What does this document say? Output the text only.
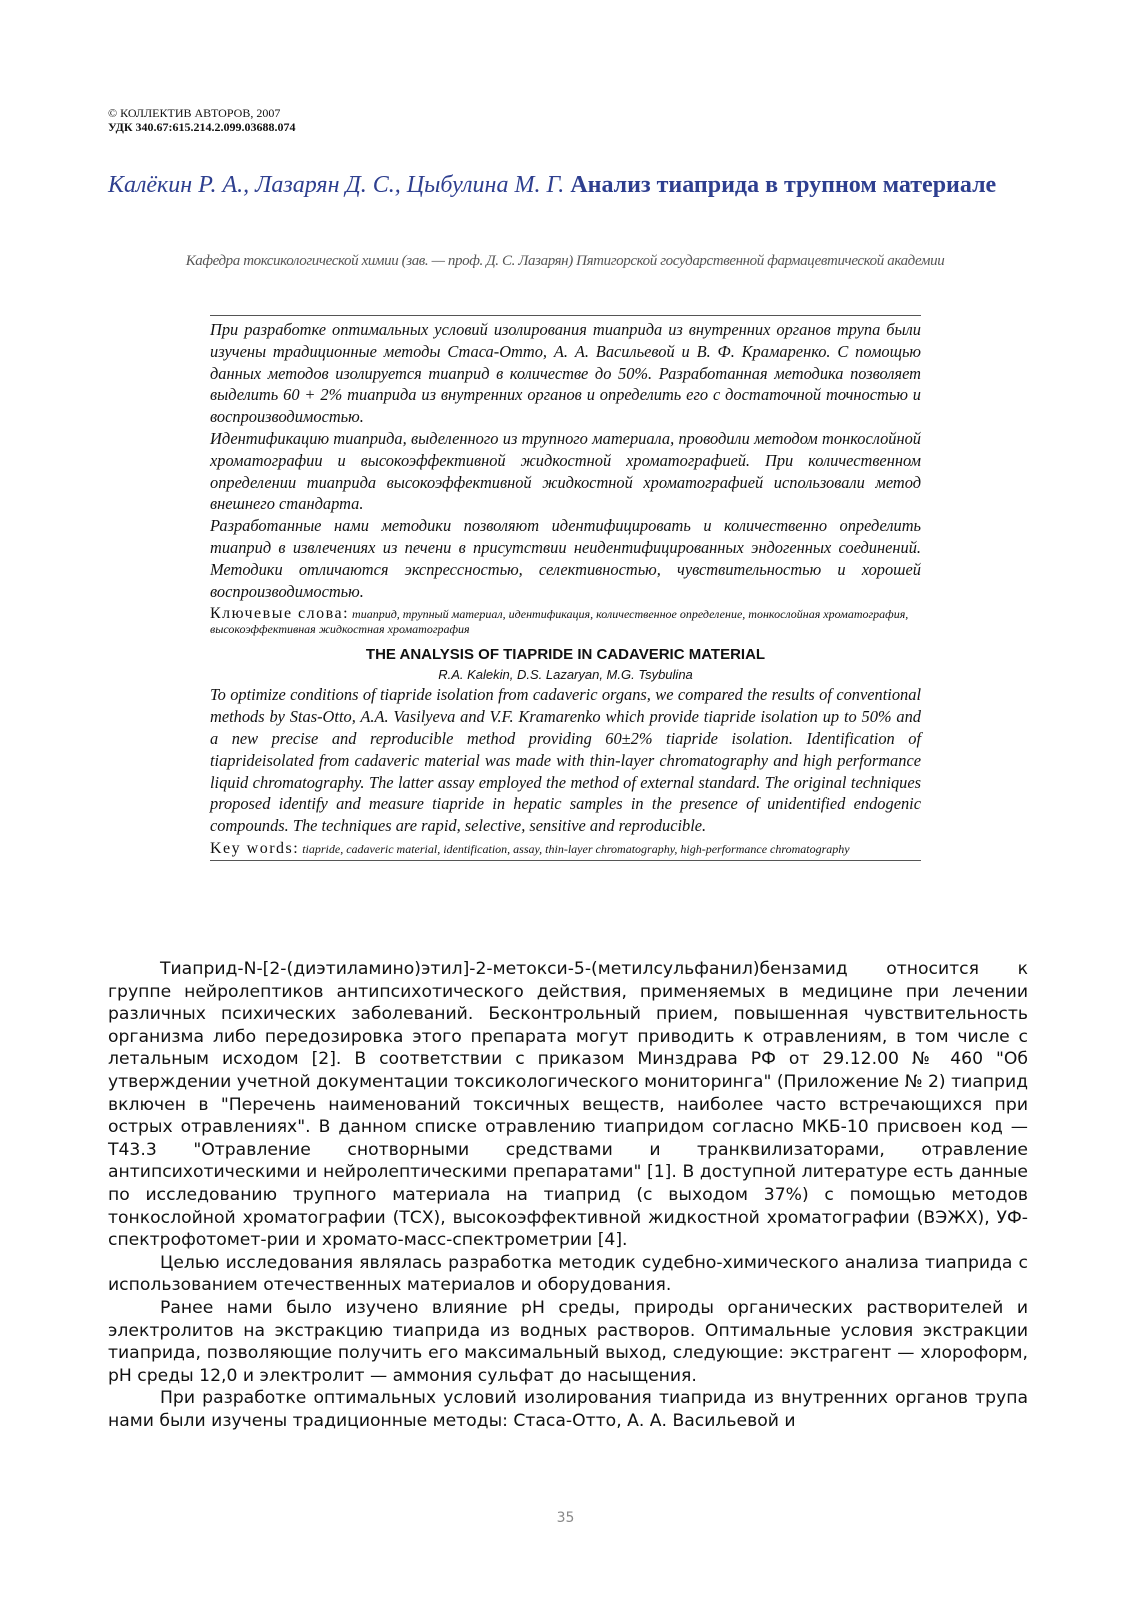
© КОЛЛЕКТИВ АВТОРОВ, 2007
УДК 340.67:615.214.2.099.03688.074
Калёкин Р. А., Лазарян Д. С., Цыбулина М. Г. Анализ тиаприда в трупном материале
Кафедра токсикологической химии (зав. — проф. Д. С. Лазарян) Пятигорской государственной фармацевтической академии

При разработке оптимальных условий изолирования тиаприда из внутренних органов трупа были изучены традиционные методы Стаса-Отто, А. А. Васильевой и В. Ф. Крамаренко. С помощью данных методов изолируется тиаприд в количестве до 50%. Разработанная методика позволяет выделить 60 + 2% тиаприда из внутренних органов и определить его с достаточной точностью и воспроизводимостью.

Идентификацию тиаприда, выделенного из трупного материала, проводили методом тонкослойной хроматографии и высокоэффективной жидкостной хроматографией. При количественном определении тиаприда высокоэффективной жидкостной хроматографией использовали метод внешнего стандарта.

Разработанные нами методики позволяют идентифицировать и количественно определить тиаприд в извлечениях из печени в присутствии неидентифицированных эндогенных соединений. Методики отличаются экспрессностью, селективностью, чувствительностью и хорошей воспроизводимостью.

Ключевые слова: тиаприд, трупный материал, идентификация, количественное определение, тонкослойная хроматография, высокоэффективная жидкостная хроматография

THE ANALYSIS OF TIAPRIDE IN CADAVERIC MATERIAL

R.A. Kalekin, D.S. Lazaryan, M.G. Tsybulina

To optimize conditions of tiapride isolation from cadaveric organs, we compared the results of conventional methods by Stas-Otto, A.A. Vasilyeva and V.F. Kramarenko which provide tiapride isolation up to 50% and a new precise and reproducible method providing 60±2% tiapride isolation. Identification of tiaprideisolated from cadaveric material was made with thin-layer chromatography and high performance liquid chromatography. The latter assay employed the method of external standard. The original techniques proposed identify and measure tiapride in hepatic samples in the presence of unidentified endogenic compounds. The techniques are rapid, selective, sensitive and reproducible.

Key words: tiapride, cadaveric material, identification, assay, thin-layer chromatography, high-performance chromatography

Тиаприд-N-[2-(диэтиламино)этил]-2-метокси-5-(метилсульфанил)бензамид относится к группе нейролептиков антипсихотического действия, применяемых в медицине при лечении различных психических заболеваний. Бесконтрольный прием, повышенная чувствительность организма либо передозировка этого препарата могут приводить к отравлениям, в том числе с летальным исходом [2]. В соответствии с приказом Минздрава РФ от 29.12.00 № 460 "Об утверждении учетной документации токсикологического мониторинга" (Приложение № 2) тиаприд включен в "Перечень наименований токсичных веществ, наиболее часто встречающихся при острых отравлениях". В данном списке отравлению тиапридом согласно МКБ-10 присвоен код — Т43.3 "Отравление снотворными средствами и транквилизаторами, отравление антипсихотическими и нейролептическими препаратами" [1]. В доступной литературе есть данные по исследованию трупного материала на тиаприд (с выходом 37%) с помощью методов тонкослойной хроматографии (ТСХ), высокоэффективной жидкостной хроматографии (ВЭЖХ), УФ-спектрофотомет-рии и хромато-масс-спектрометрии [4].

Целью исследования являлась разработка методик судебно-химического анализа тиаприда с использованием отечественных материалов и оборудования.

Ранее нами было изучено влияние pH среды, природы органических растворителей и электролитов на экстракцию тиаприда из водных растворов. Оптимальные условия экстракции тиаприда, позволяющие получить его максимальный выход, следующие: экстрагент — хлороформ, pH среды 12,0 и электролит — аммония сульфат до насыщения.

При разработке оптимальных условий изолирования тиаприда из внутренних органов трупа нами были изучены традиционные методы: Стаса-Отто, А. А. Васильевой и

35
